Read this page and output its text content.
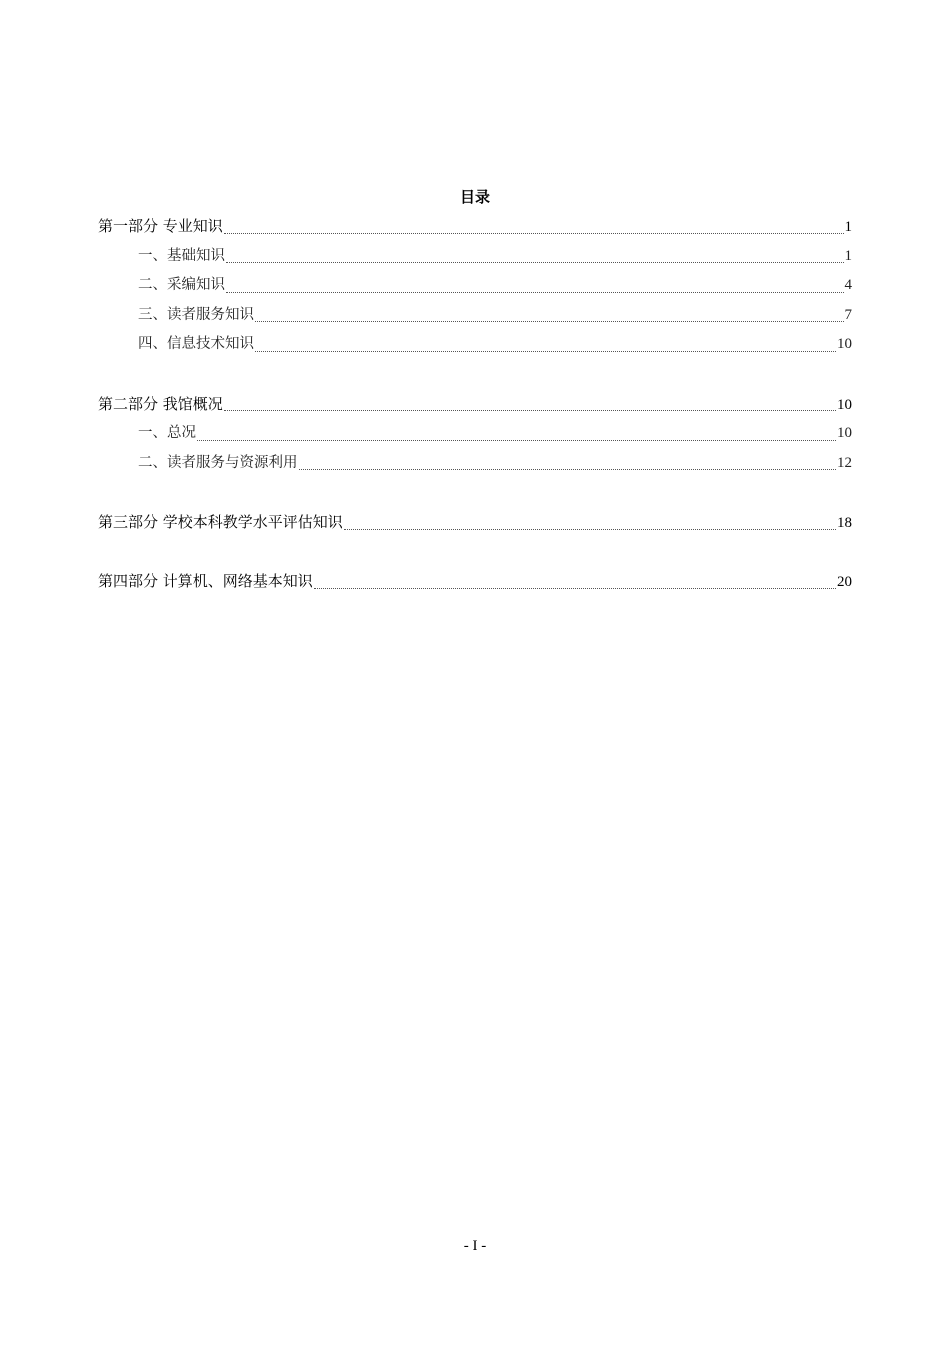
目录
第一部分 专业知识	1
一、基础知识	1
二、采编知识	4
三、读者服务知识	7
四、信息技术知识	10
第二部分 我馆概况	10
一、总况	10
二、读者服务与资源利用	12
第三部分 学校本科教学水平评估知识	18
第四部分 计算机、网络基本知识	20
- I -
